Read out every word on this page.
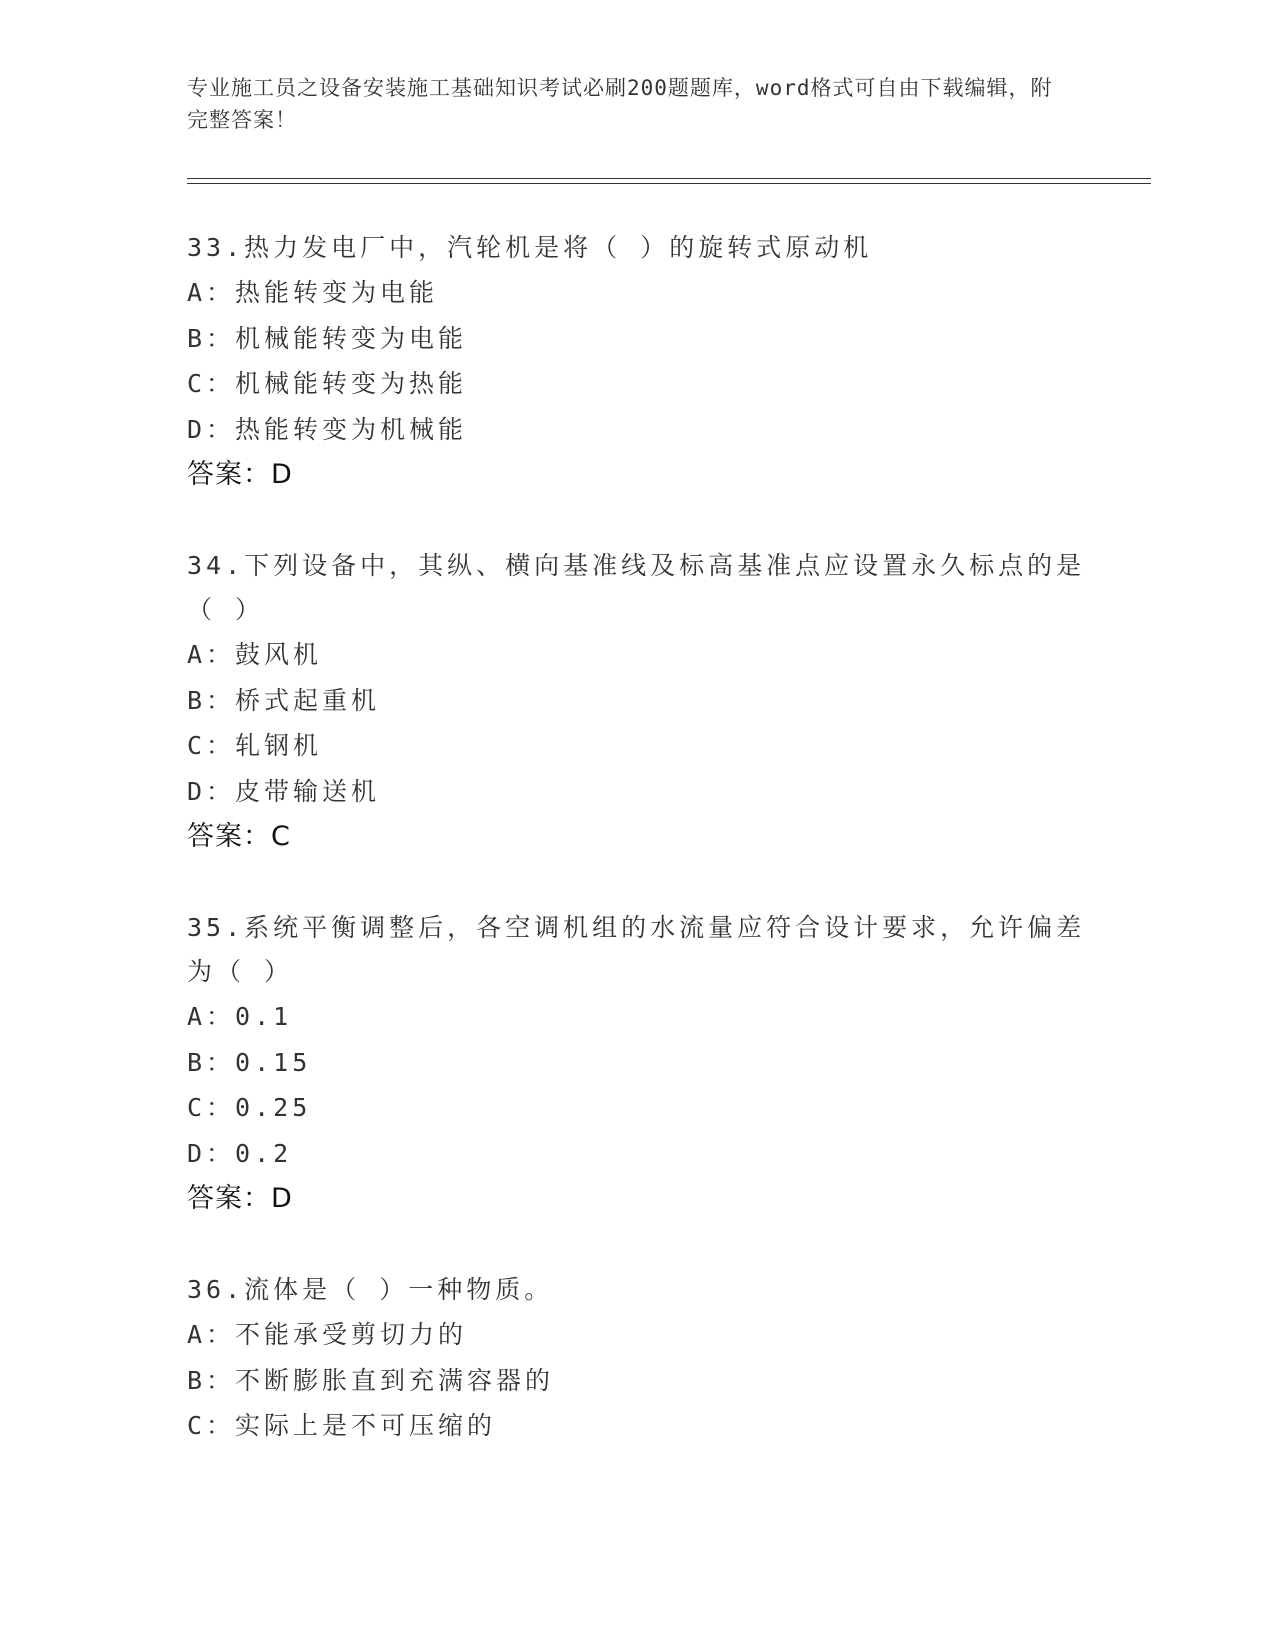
专业施工员之设备安装施工基础知识考试必刷200题题库，word格式可自由下载编辑，附完整答案！

33.热力发电厂中，汽轮机是将（ ）的旋转式原动机

A：热能转变为电能

B：机械能转变为电能

C：机械能转变为热能

D：热能转变为机械能

答案：D

34.下列设备中，其纵、横向基准线及标高基准点应设置永久标点的是（ ）

A：鼓风机

B：桥式起重机

C：轧钢机

D：皮带输送机

答案：C

35.系统平衡调整后，各空调机组的水流量应符合设计要求，允许偏差为（ ）

A：0.1

B：0.15

C：0.25

D：0.2

答案：D

36.流体是（ ）一种物质。

A：不能承受剪切力的

B：不断膨胀直到充满容器的

C：实际上是不可压缩的
